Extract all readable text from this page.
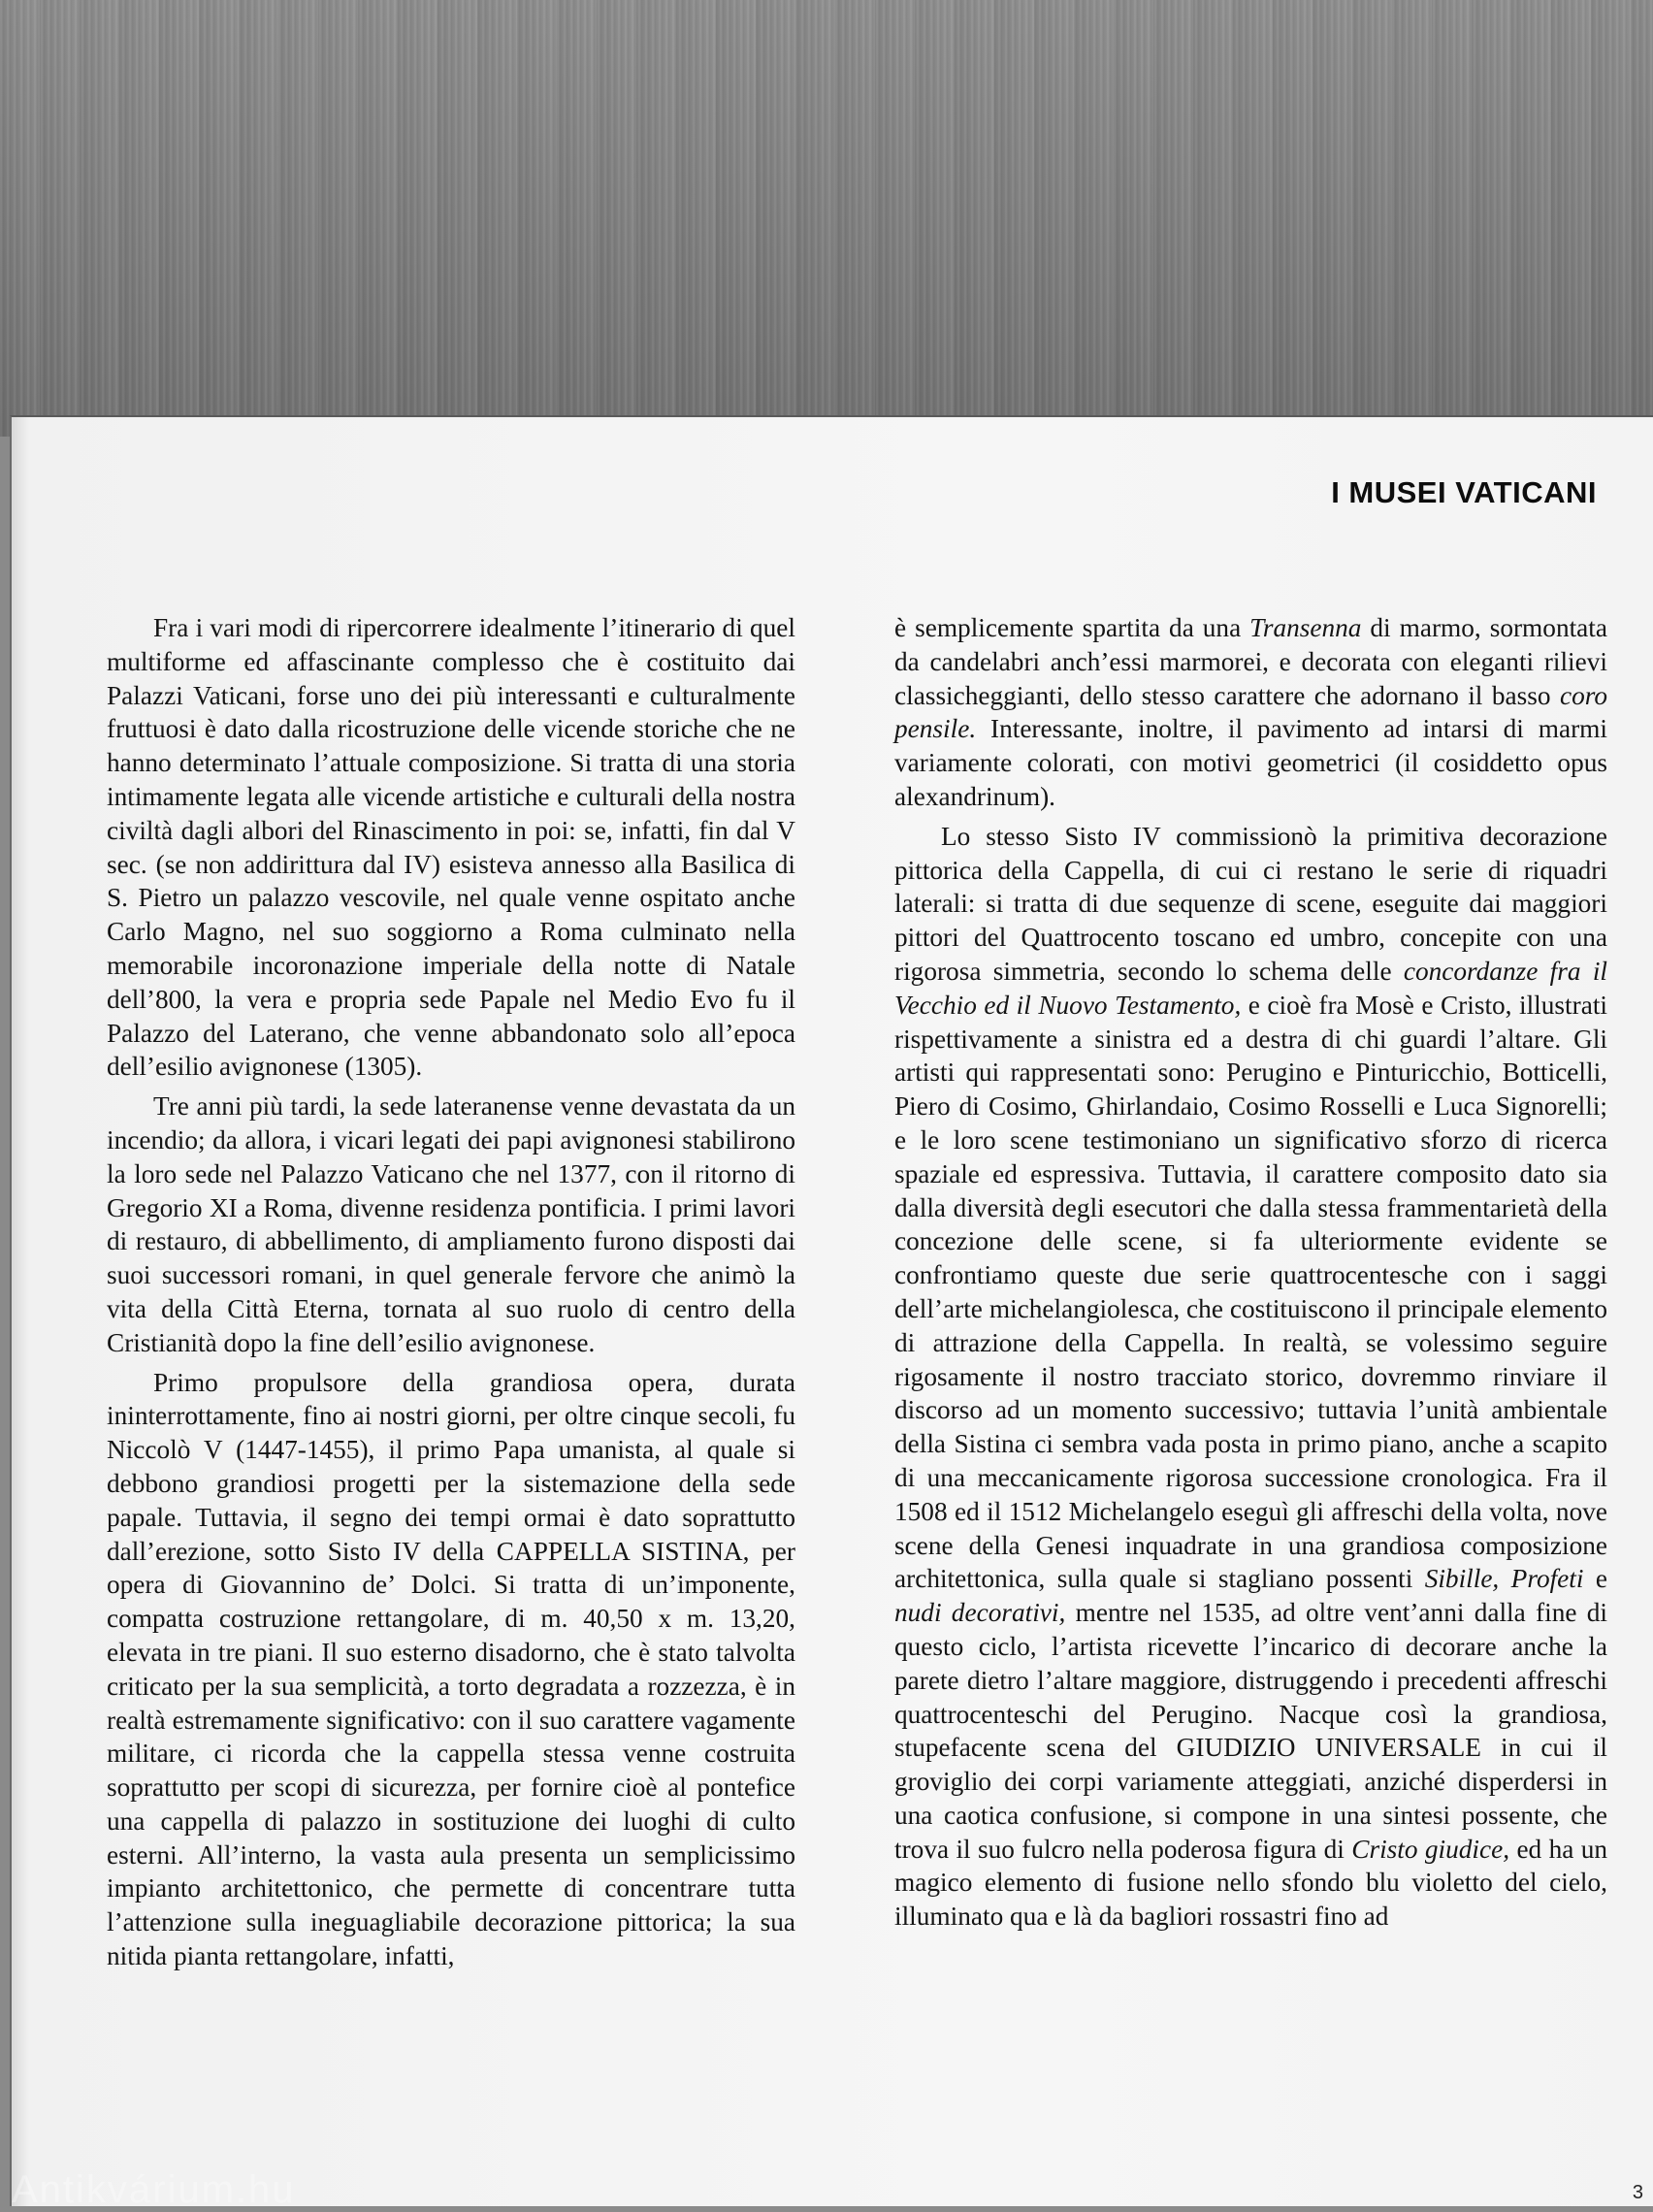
I MUSEI VATICANI

Fra i vari modi di ripercorrere idealmente l’itinerario di quel multiforme ed affascinante complesso che è costituito dai Palazzi Vaticani, forse uno dei più interessanti e culturalmente fruttuosi è dato dalla ricostruzione delle vicende storiche che ne hanno determinato l’attuale composizione. Si tratta di una storia intimamente legata alle vicende artistiche e culturali della nostra civiltà dagli albori del Rinascimento in poi: se, infatti, fin dal V sec. (se non addirittura dal IV) esisteva annesso alla Basilica di S. Pietro un palazzo vescovile, nel quale venne ospitato anche Carlo Magno, nel suo soggiorno a Roma culminato nella memorabile incoronazione imperiale della notte di Natale dell’800, la vera e propria sede Papale nel Medio Evo fu il Palazzo del Laterano, che venne abbandonato solo all’epoca dell’esilio avignonese (1305).

Tre anni più tardi, la sede lateranense venne devastata da un incendio; da allora, i vicari legati dei papi avignonesi stabilirono la loro sede nel Palazzo Vaticano che nel 1377, con il ritorno di Gregorio XI a Roma, divenne residenza pontificia. I primi lavori di restauro, di abbellimento, di ampliamento furono disposti dai suoi successori romani, in quel generale fervore che animò la vita della Città Eterna, tornata al suo ruolo di centro della Cristianità dopo la fine dell’esilio avignonese.

Primo propulsore della grandiosa opera, durata ininterrottamente, fino ai nostri giorni, per oltre cinque secoli, fu Niccolò V (1447-1455), il primo Papa umanista, al quale si debbono grandiosi progetti per la sistemazione della sede papale. Tuttavia, il segno dei tempi ormai è dato soprattutto dall’erezione, sotto Sisto IV della CAPPELLA SISTINA, per opera di Giovannino de’ Dolci. Si tratta di un’imponente, compatta costruzione rettangolare, di m. 40,50 x m. 13,20, elevata in tre piani. Il suo esterno disadorno, che è stato talvolta criticato per la sua semplicità, a torto degradata a rozzezza, è in realtà estremamente significativo: con il suo carattere vagamente militare, ci ricorda che la cappella stessa venne costruita soprattutto per scopi di sicurezza, per fornire cioè al pontefice una cappella di palazzo in sostituzione dei luoghi di culto esterni. All’interno, la vasta aula presenta un semplicissimo impianto architettonico, che permette di concentrare tutta l’attenzione sulla ineguagliabile decorazione pittorica; la sua nitida pianta rettangolare, infatti,

è semplicemente spartita da una Transenna di marmo, sormontata da candelabri anch’essi marmorei, e decorata con eleganti rilievi classicheggianti, dello stesso carattere che adornano il basso coro pensile. Interessante, inoltre, il pavimento ad intarsi di marmi variamente colorati, con motivi geometrici (il cosiddetto opus alexandrinum).

Lo stesso Sisto IV commissionò la primitiva decorazione pittorica della Cappella, di cui ci restano le serie di riquadri laterali: si tratta di due sequenze di scene, eseguite dai maggiori pittori del Quattrocento toscano ed umbro, concepite con una rigorosa simmetria, secondo lo schema delle concordanze fra il Vecchio ed il Nuovo Testamento, e cioè fra Mosè e Cristo, illustrati rispettivamente a sinistra ed a destra di chi guardi l’altare. Gli artisti qui rappresentati sono: Perugino e Pinturicchio, Botticelli, Piero di Cosimo, Ghirlandaio, Cosimo Rosselli e Luca Signorelli; e le loro scene testimoniano un significativo sforzo di ricerca spaziale ed espressiva. Tuttavia, il carattere composito dato sia dalla diversità degli esecutori che dalla stessa frammentarietà della concezione delle scene, si fa ulteriormente evidente se confrontiamo queste due serie quattrocentesche con i saggi dell’arte michelangiolesca, che costituiscono il principale elemento di attrazione della Cappella. In realtà, se volessimo seguire rigosamente il nostro tracciato storico, dovremmo rinviare il discorso ad un momento successivo; tuttavia l’unità ambientale della Sistina ci sembra vada posta in primo piano, anche a scapito di una meccanicamente rigorosa successione cronologica. Fra il 1508 ed il 1512 Michelangelo eseguì gli affreschi della volta, nove scene della Genesi inquadrate in una grandiosa composizione architettonica, sulla quale si stagliano possenti Sibille, Profeti e nudi decorativi, mentre nel 1535, ad oltre vent’anni dalla fine di questo ciclo, l’artista ricevette l’incarico di decorare anche la parete dietro l’altare maggiore, distruggendo i precedenti affreschi quattrocenteschi del Perugino. Nacque così la grandiosa, stupefacente scena del GIUDIZIO UNIVERSALE in cui il groviglio dei corpi variamente atteggiati, anziché disperdersi in una caotica confusione, si compone in una sintesi possente, che trova il suo fulcro nella poderosa figura di Cristo giudice, ed ha un magico elemento di fusione nello sfondo blu violetto del cielo, illuminato qua e là da bagliori rossastri fino ad

3
Antikvárium.hu
